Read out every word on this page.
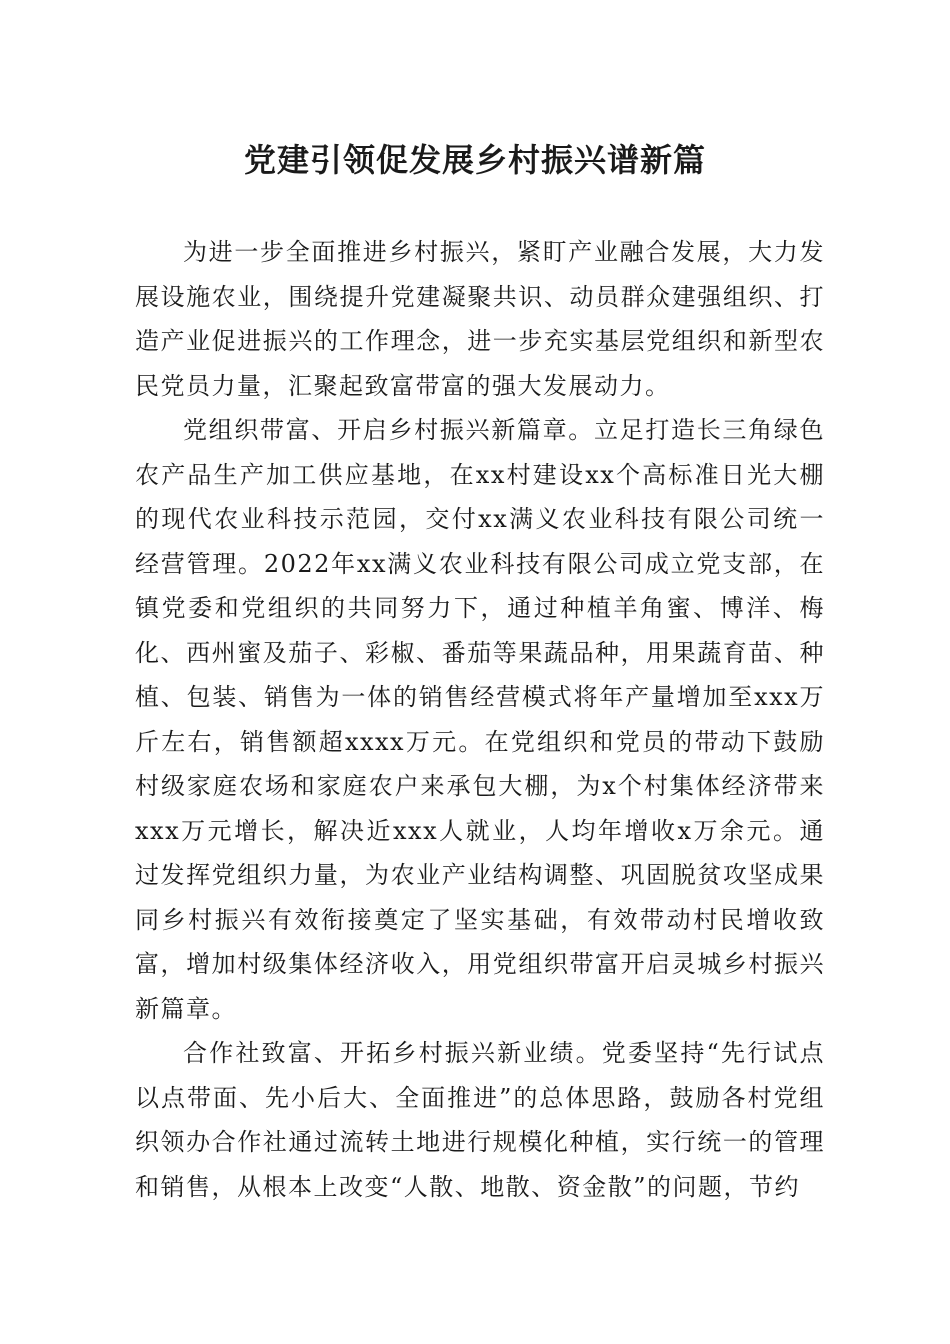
党建引领促发展乡村振兴谱新篇

为进一步全面推进乡村振兴，紧盯产业融合发展，大力发展设施农业，围绕提升党建凝聚共识、动员群众建强组织、打造产业促进振兴的工作理念，进一步充实基层党组织和新型农民党员力量，汇聚起致富带富的强大发展动力。

党组织带富、开启乡村振兴新篇章。立足打造长三角绿色农产品生产加工供应基地，在xx村建设xx个高标准日光大棚的现代农业科技示范园，交付xx满义农业科技有限公司统一经营管理。2022年xx满义农业科技有限公司成立党支部，在镇党委和党组织的共同努力下，通过种植羊角蜜、博洋、梅化、西州蜜及茄子、彩椒、番茄等果蔬品种，用果蔬育苗、种植、包装、销售为一体的销售经营模式将年产量增加至xxx万斤左右，销售额超xxxx万元。在党组织和党员的带动下鼓励村级家庭农场和家庭农户来承包大棚，为x个村集体经济带来xxx万元增长，解决近xxx人就业，人均年增收x万余元。通过发挥党组织力量，为农业产业结构调整、巩固脱贫攻坚成果同乡村振兴有效衔接奠定了坚实基础，有效带动村民增收致富，增加村级集体经济收入，用党组织带富开启灵城乡村振兴新篇章。

合作社致富、开拓乡村振兴新业绩。党委坚持“先行试点以点带面、先小后大、全面推进”的总体思路，鼓励各村党组织领办合作社通过流转土地进行规模化种植，实行统一的管理和销售，从根本上改变“人散、地散、资金散”的问题，节约
